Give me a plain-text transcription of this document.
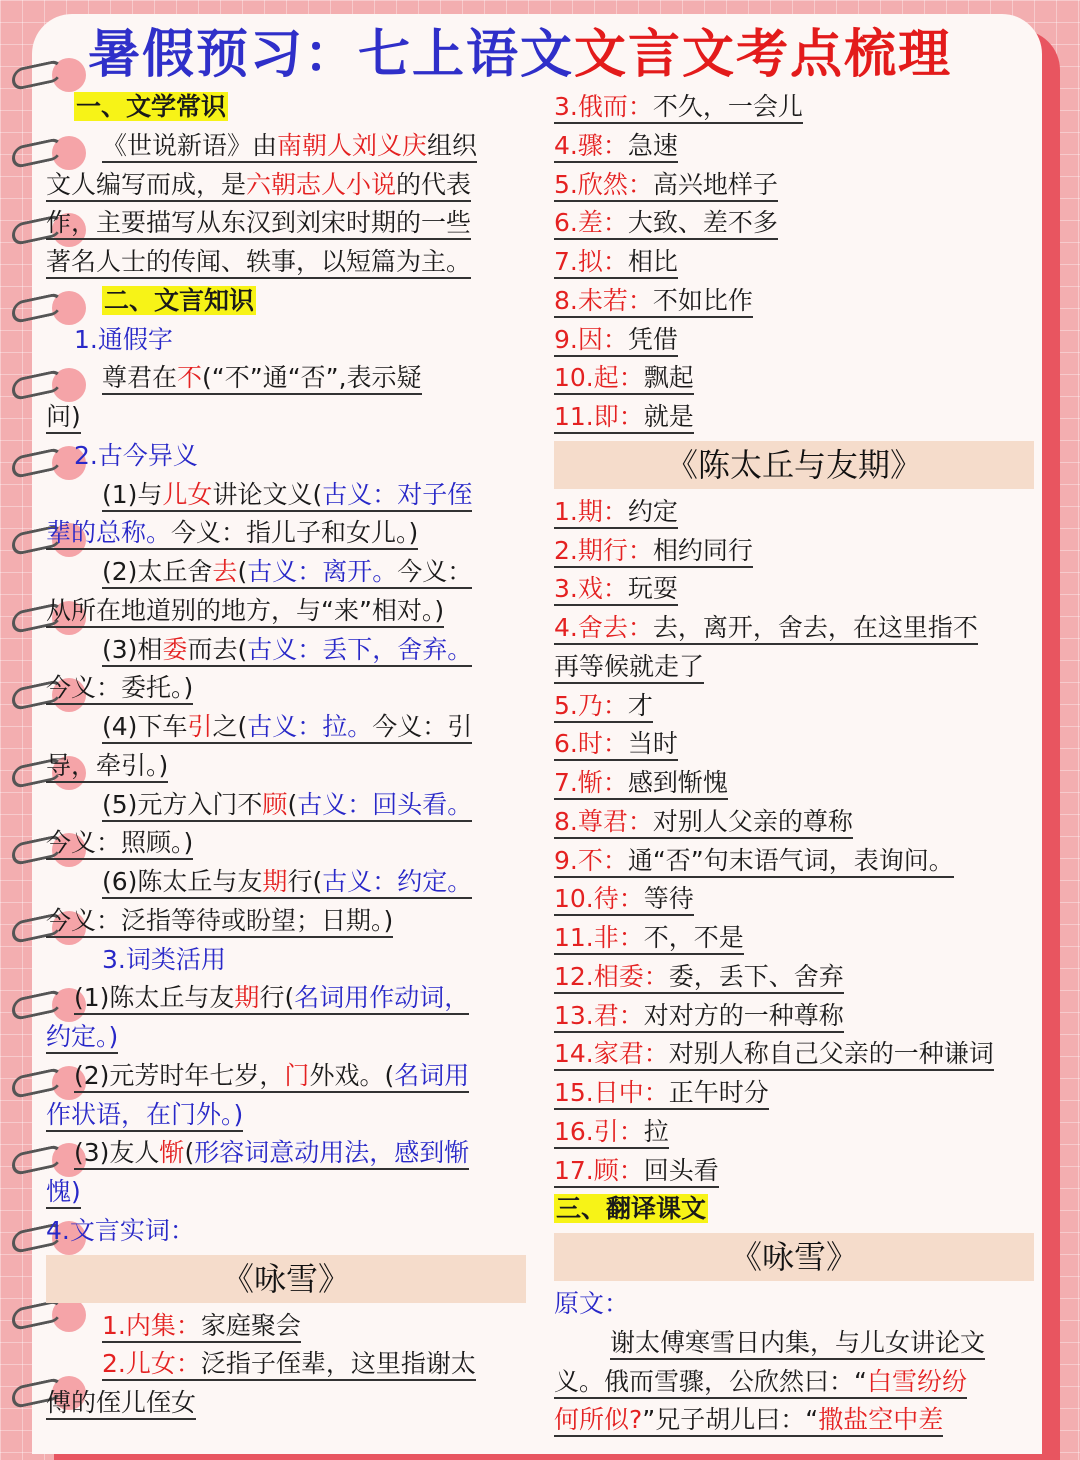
暑假预习：七上语文文言文考点梳理
一、文学常识
《世说新语》由南朝人刘义庆组织
文人编写而成，是六朝志人小说的代表
作，主要描写从东汉到刘宋时期的一些
著名人士的传闻、轶事，以短篇为主。
二、文言知识
1.通假字
尊君在不(“不”通“否”,表示疑
问)
2.古今异义
(1)与儿女讲论文义(古义：对子侄
辈的总称。今义：指儿子和女儿。)
(2)太丘舍去(古义：离开。今义：
从所在地道别的地方，与“来”相对。)
(3)相委而去(古义：丢下，舍弃。
今义：委托。)
(4)下车引之(古义：拉。今义：引
导，牵引。)
(5)元方入门不顾(古义：回头看。
今义：照顾。)
(6)陈太丘与友期行(古义：约定。
今义：泛指等待或盼望；日期。)
3.词类活用
(1)陈太丘与友期行(名词用作动词，
约定。)
(2)元芳时年七岁，门外戏。(名词用
作状语，在门外。)
(3)友人惭(形容词意动用法，感到惭
愧)
4.文言实词：
《咏雪》
1.内集：家庭聚会
2.儿女：泛指子侄辈，这里指谢太
傅的侄儿侄女
3.俄而：不久，一会儿
4.骤：急速
5.欣然：高兴地样子
6.差：大致、差不多
7.拟：相比
8.未若：不如比作
9.因：凭借
10.起：飘起
11.即：就是
《陈太丘与友期》
1.期：约定
2.期行：相约同行
3.戏：玩耍
4.舍去：去，离开，舍去，在这里指不
再等候就走了
5.乃：才
6.时：当时
7.惭：感到惭愧
8.尊君：对别人父亲的尊称
9.不：通“否”句末语气词，表询问。
10.待：等待
11.非：不，不是
12.相委：委，丢下、舍弃
13.君：对对方的一种尊称
14.家君：对别人称自己父亲的一种谦词
15.日中：正午时分
16.引：拉
17.顾：回头看
三、翻译课文
《咏雪》
原文：
谢太傅寒雪日内集，与儿女讲论文
义。俄而雪骤，公欣然曰：“白雪纷纷
何所似?”兄子胡儿曰：“撒盐空中差
